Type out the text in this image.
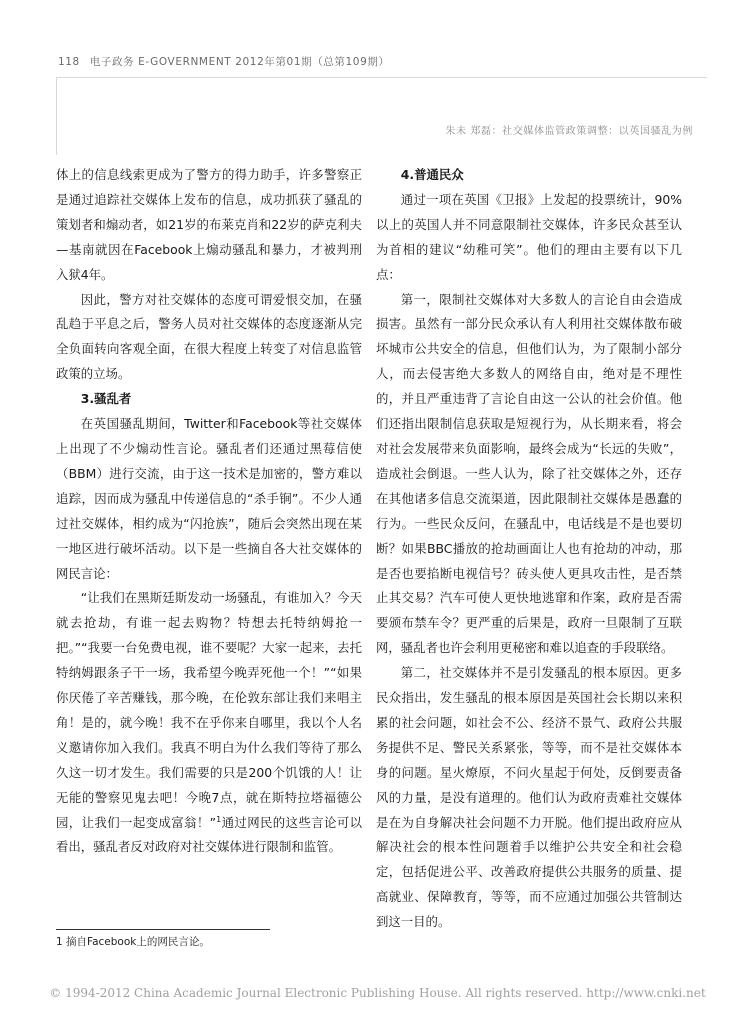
118 电子政务 E-GOVERNMENT 2012年第01期（总第109期）
朱未 郑磊：社交媒体监管政策调整：以英国骚乱为例

体上的信息线索更成为了警方的得力助手，许多警察正是通过追踪社交媒体上发布的信息，成功抓获了骚乱的策划者和煽动者，如21岁的布莱克肖和22岁的萨克利夫—基南就因在Facebook上煽动骚乱和暴力，才被判刑入狱4年。

因此，警方对社交媒体的态度可谓爱恨交加，在骚乱趋于平息之后，警务人员对社交媒体的态度逐渐从完全负面转向客观全面，在很大程度上转变了对信息监管政策的立场。

3.骚乱者

在英国骚乱期间，Twitter和Facebook等社交媒体上出现了不少煽动性言论。骚乱者们还通过黑莓信使（BBM）进行交流，由于这一技术是加密的，警方难以追踪，因而成为骚乱中传递信息的“杀手锏”。不少人通过社交媒体，相约成为“闪抢族”，随后会突然出现在某一地区进行破坏活动。以下是一些摘自各大社交媒体的网民言论：

“让我们在黑斯廷斯发动一场骚乱，有谁加入？今天就去抢劫，有谁一起去购物？特想去托特纳姆抢一把。”“我要一台免费电视，谁不要呢？大家一起来，去托特纳姆跟条子干一场，我希望今晚弄死他一个！”“如果你厌倦了辛苦赚钱，那今晚，在伦敦东部让我们来唱主角！是的，就今晚！我不在乎你来自哪里，我以个人名义邀请你加入我们。我真不明白为什么我们等待了那么久这一切才发生。我们需要的只是200个饥饿的人！让无能的警察见鬼去吧！今晚7点，就在斯特拉塔福德公园，让我们一起变成富翁！”$^1$通过网民的这些言论可以看出，骚乱者反对政府对社交媒体进行限制和监管。

4.普通民众

通过一项在英国《卫报》上发起的投票统计，90%以上的英国人并不同意限制社交媒体，许多民众甚至认为首相的建议“幼稚可笑”。他们的理由主要有以下几点：

第一，限制社交媒体对大多数人的言论自由会造成损害。虽然有一部分民众承认有人利用社交媒体散布破坏城市公共安全的信息，但他们认为，为了限制小部分人，而去侵害绝大多数人的网络自由，绝对是不理性的，并且严重违背了言论自由这一公认的社会价值。他们还指出限制信息获取是短视行为，从长期来看，将会对社会发展带来负面影响，最终会成为“长远的失败”，造成社会倒退。一些人认为，除了社交媒体之外，还存在其他诸多信息交流渠道，因此限制社交媒体是愚蠢的行为。一些民众反问，在骚乱中，电话线是不是也要切断？如果BBC播放的抢劫画面让人也有抢劫的冲动，那是否也要掐断电视信号？砖头使人更具攻击性，是否禁止其交易？汽车可使人更快地逃窜和作案，政府是否需要颁布禁车令？更严重的后果是，政府一旦限制了互联网，骚乱者也许会利用更秘密和难以追查的手段联络。

第二，社交媒体并不是引发骚乱的根本原因。更多民众指出，发生骚乱的根本原因是英国社会长期以来积累的社会问题，如社会不公、经济不景气、政府公共服务提供不足、警民关系紧张，等等，而不是社交媒体本身的问题。星火燎原，不问火星起于何处，反倒要责备风的力量，是没有道理的。他们认为政府责难社交媒体是在为自身解决社会问题不力开脱。他们提出政府应从解决社会的根本性问题着手以维护公共安全和社会稳定，包括促进公平、改善政府提供公共服务的质量、提高就业、保障教育，等等，而不应通过加强公共管制达到这一目的。

1 摘自Facebook上的网民言论。
© 1994-2012 China Academic Journal Electronic Publishing House. All rights reserved. http://www.cnki.net
